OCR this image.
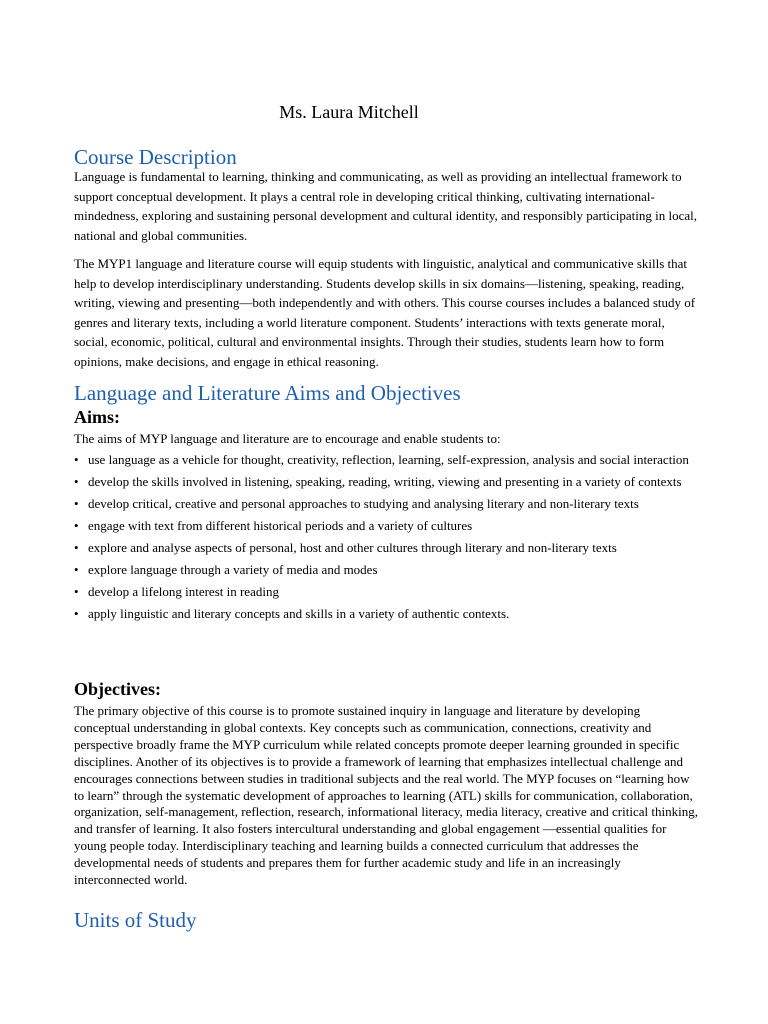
Ms. Laura Mitchell
Course Description

Language is fundamental to learning, thinking and communicating, as well as providing an intellectual framework to support conceptual development. It plays a central role in developing critical thinking, cultivating international-mindedness, exploring and sustaining personal development and cultural identity, and responsibly participating in local, national and global communities.

The MYP1 language and literature course will equip students with linguistic, analytical and communicative skills that help to develop interdisciplinary understanding. Students develop skills in six domains—listening, speaking, reading, writing, viewing and presenting—both independently and with others. This course courses includes a balanced study of genres and literary texts, including a world literature component. Students’ interactions with texts generate moral, social, economic, political, cultural and environmental insights. Through their studies, students learn how to form opinions, make decisions, and engage in ethical reasoning.

Language and Literature Aims and Objectives
Aims:

The aims of MYP language and literature are to encourage and enable students to:

• use language as a vehicle for thought, creativity, reflection, learning, self-expression, analysis and social interaction
• develop the skills involved in listening, speaking, reading, writing, viewing and presenting in a variety of contexts
• develop critical, creative and personal approaches to studying and analysing literary and non-literary texts
• engage with text from different historical periods and a variety of cultures
• explore and analyse aspects of personal, host and other cultures through literary and non-literary texts
• explore language through a variety of media and modes
• develop a lifelong interest in reading
• apply linguistic and literary concepts and skills in a variety of authentic contexts.
Objectives:

The primary objective of this course is to promote sustained inquiry in language and literature by developing conceptual understanding in global contexts. Key concepts such as communication, connections, creativity and perspective broadly frame the MYP curriculum while related concepts promote deeper learning grounded in specific disciplines. Another of its objectives is to provide a framework of learning that emphasizes intellectual challenge and encourages connections between studies in traditional subjects and the real world. The MYP focuses on “learning how to learn” through the systematic development of approaches to learning (ATL) skills for communication, collaboration, organization, self-management, reflection, research, informational literacy, media literacy, creative and critical thinking, and transfer of learning. It also fosters intercultural understanding and global engagement —essential qualities for young people today. Interdisciplinary teaching and learning builds a connected curriculum that addresses the developmental needs of students and prepares them for further academic study and life in an increasingly interconnected world.

Units of Study
